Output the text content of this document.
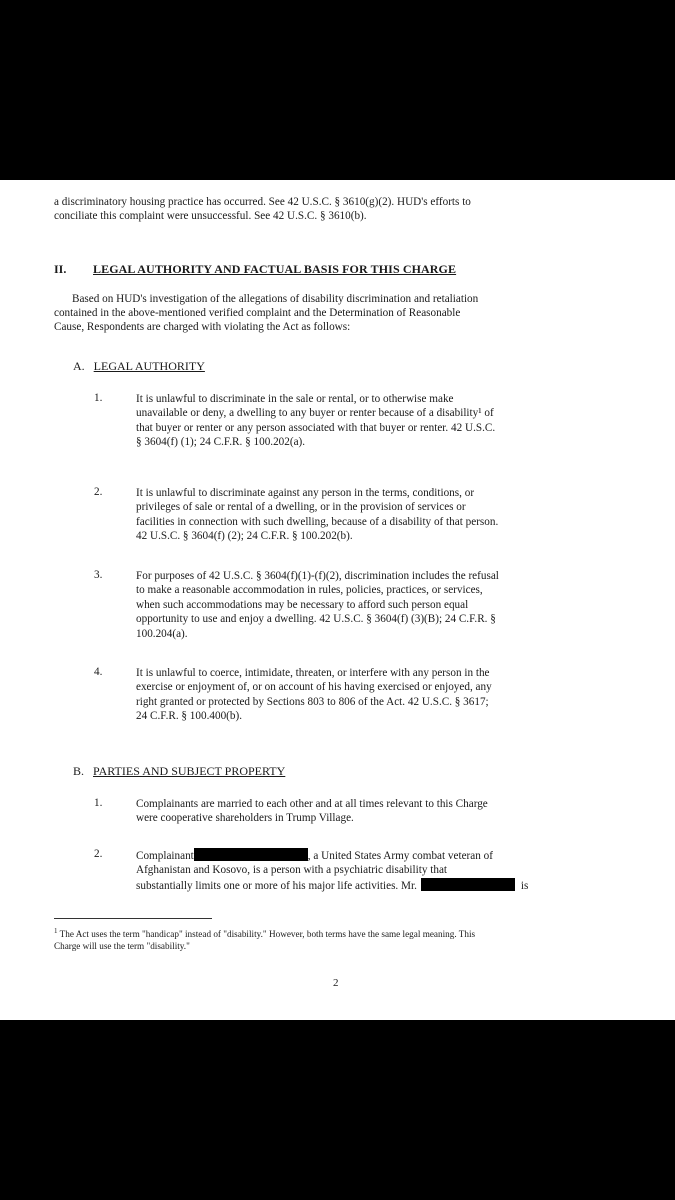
a discriminatory housing practice has occurred. See 42 U.S.C. § 3610(g)(2). HUD's efforts to
conciliate this complaint were unsuccessful. See 42 U.S.C. § 3610(b).
II. LEGAL AUTHORITY AND FACTUAL BASIS FOR THIS CHARGE
Based on HUD's investigation of the allegations of disability discrimination and retaliation
contained in the above-mentioned verified complaint and the Determination of Reasonable
Cause, Respondents are charged with violating the Act as follows:
A. LEGAL AUTHORITY
1.	It is unlawful to discriminate in the sale or rental, or to otherwise make
unavailable or deny, a dwelling to any buyer or renter because of a disability¹ of
that buyer or renter or any person associated with that buyer or renter. 42 U.S.C.
§ 3604(f) (1); 24 C.F.R. § 100.202(a).
2.	It is unlawful to discriminate against any person in the terms, conditions, or
privileges of sale or rental of a dwelling, or in the provision of services or
facilities in connection with such dwelling, because of a disability of that person.
42 U.S.C. § 3604(f) (2); 24 C.F.R. § 100.202(b).
3.	For purposes of 42 U.S.C. § 3604(f)(1)-(f)(2), discrimination includes the refusal
to make a reasonable accommodation in rules, policies, practices, or services,
when such accommodations may be necessary to afford such person equal
opportunity to use and enjoy a dwelling. 42 U.S.C. § 3604(f) (3)(B); 24 C.F.R. §
100.204(a).
4.	It is unlawful to coerce, intimidate, threaten, or interfere with any person in the
exercise or enjoyment of, or on account of his having exercised or enjoyed, any
right granted or protected by Sections 803 to 806 of the Act. 42 U.S.C. § 3617;
24 C.F.R. § 100.400(b).
B. PARTIES AND SUBJECT PROPERTY
1.	Complainants are married to each other and at all times relevant to this Charge
were cooperative shareholders in Trump Village.
2.	Complainant	, a United States Army combat veteran of
Afghanistan and Kosovo, is a person with a psychiatric disability that
substantially limits one or more of his major life activities. Mr.	is
$^1$ The Act uses the term "handicap" instead of "disability." However, both terms have the same legal meaning. This
Charge will use the term "disability."
2
